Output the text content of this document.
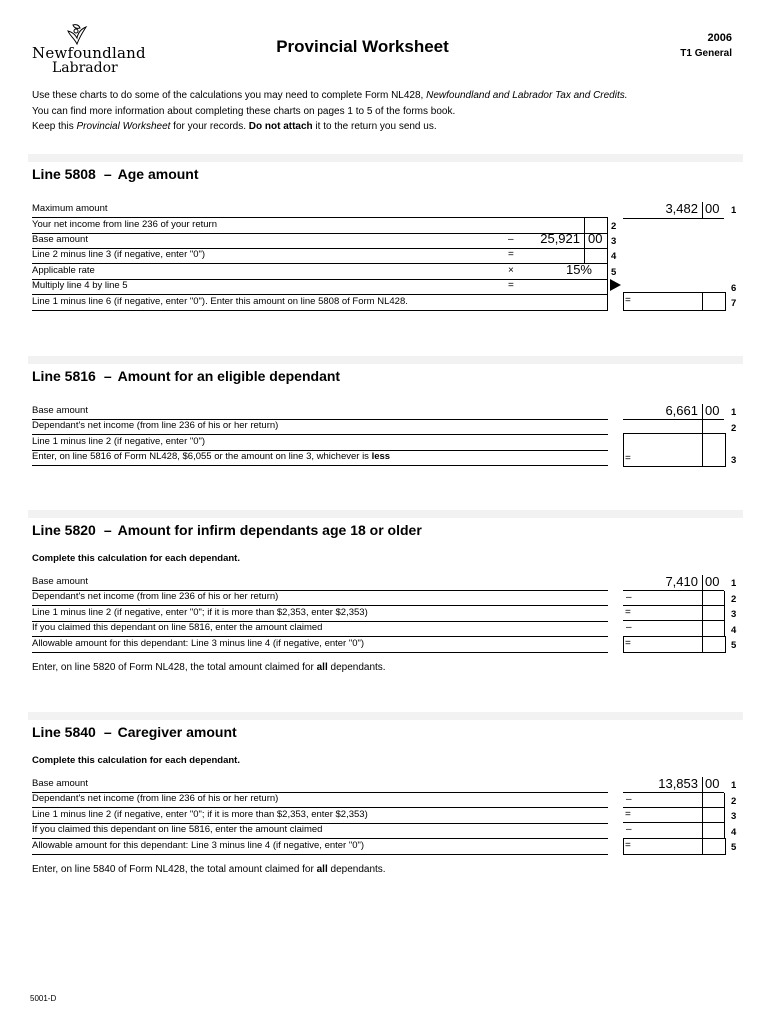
Newfoundland
Labrador
Provincial Worksheet	2006
T1 General
Use these charts to do some of the calculations you may need to complete Form NL428, Newfoundland and Labrador Tax and Credits.
You can find more information about completing these charts on pages 1 to 5 of the forms book.
Keep this Provincial Worksheet for your records. Do not attach it to the return you send us.
Line 5808 – Age amount
Maximum amount
Your net income from line 236 of your return
Base amount
Line 2 minus line 3 (if negative, enter "0")
Applicable rate
Multiply line 4 by line 5
Line 1 minus line 6 (if negative, enter "0"). Enter this amount on line 5808 of Form NL428.
3,482 00
25,921 00
15%
–
=
×
=
=
1
2
3
4
5
6
7
Line 5816 – Amount for an eligible dependant
Base amount
Dependant's net income (from line 236 of his or her return)
Line 1 minus line 2 (if negative, enter "0")
Enter, on line 5816 of Form NL428, $6,055 or the amount on line 3, whichever is less
6,661 00
=
1
2
3
Line 5820 – Amount for infirm dependants age 18 or older
Complete this calculation for each dependant.
Base amount
Dependant's net income (from line 236 of his or her return)
Line 1 minus line 2 (if negative, enter "0"; if it is more than $2,353, enter $2,353)
If you claimed this dependant on line 5816, enter the amount claimed
Allowable amount for this dependant: Line 3 minus line 4 (if negative, enter "0")
7,410 00
–
=
–
=
1
2
3
4
5
Enter, on line 5820 of Form NL428, the total amount claimed for all dependants.
Line 5840 – Caregiver amount
Complete this calculation for each dependant.
Base amount
Dependant's net income (from line 236 of his or her return)
Line 1 minus line 2 (if negative, enter "0"; if it is more than $2,353, enter $2,353)
If you claimed this dependant on line 5816, enter the amount claimed
Allowable amount for this dependant: Line 3 minus line 4 (if negative, enter "0")
13,853 00
–
=
–
=
1
2
3
4
5
Enter, on line 5840 of Form NL428, the total amount claimed for all dependants.
5001-D
